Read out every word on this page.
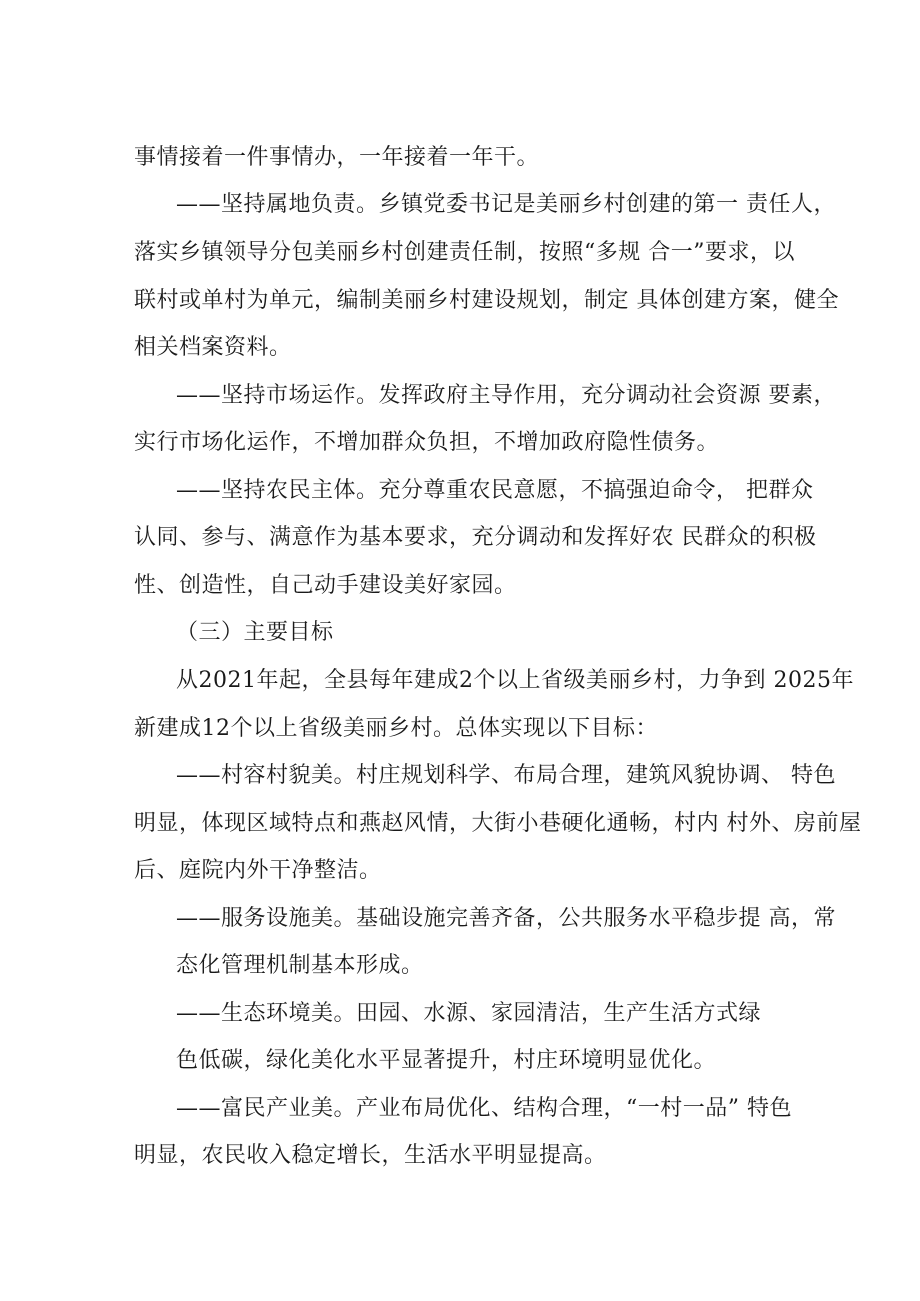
事情接着一件事情办，一年接着一年干。
——坚持属地负责。乡镇党委书记是美丽乡村创建的第一 责任人，
落实乡镇领导分包美丽乡村创建责任制，按照“多规 合一”要求，以
联村或单村为单元，编制美丽乡村建设规划，制定 具体创建方案，健全
相关档案资料。
——坚持市场运作。发挥政府主导作用，充分调动社会资源 要素，
实行市场化运作，不增加群众负担，不增加政府隐性债务。
——坚持农民主体。充分尊重农民意愿，不搞强迫命令， 把群众
认同、参与、满意作为基本要求，充分调动和发挥好农 民群众的积极
性、创造性，自己动手建设美好家园。
（三）主要目标
从2021年起，全县每年建成2个以上省级美丽乡村，力争到 2025年
新建成12个以上省级美丽乡村。总体实现以下目标：
——村容村貌美。村庄规划科学、布局合理，建筑风貌协调、 特色
明显，体现区域特点和燕赵风情，大街小巷硬化通畅，村内 村外、房前屋
后、庭院内外干净整洁。
——服务设施美。基础设施完善齐备，公共服务水平稳步提 高，常
态化管理机制基本形成。
——生态环境美。田园、水源、家园清洁，生产生活方式绿
色低碳，绿化美化水平显著提升，村庄环境明显优化。
——富民产业美。产业布局优化、结构合理，“一村一品” 特色
明显，农民收入稳定增长，生活水平明显提高。
